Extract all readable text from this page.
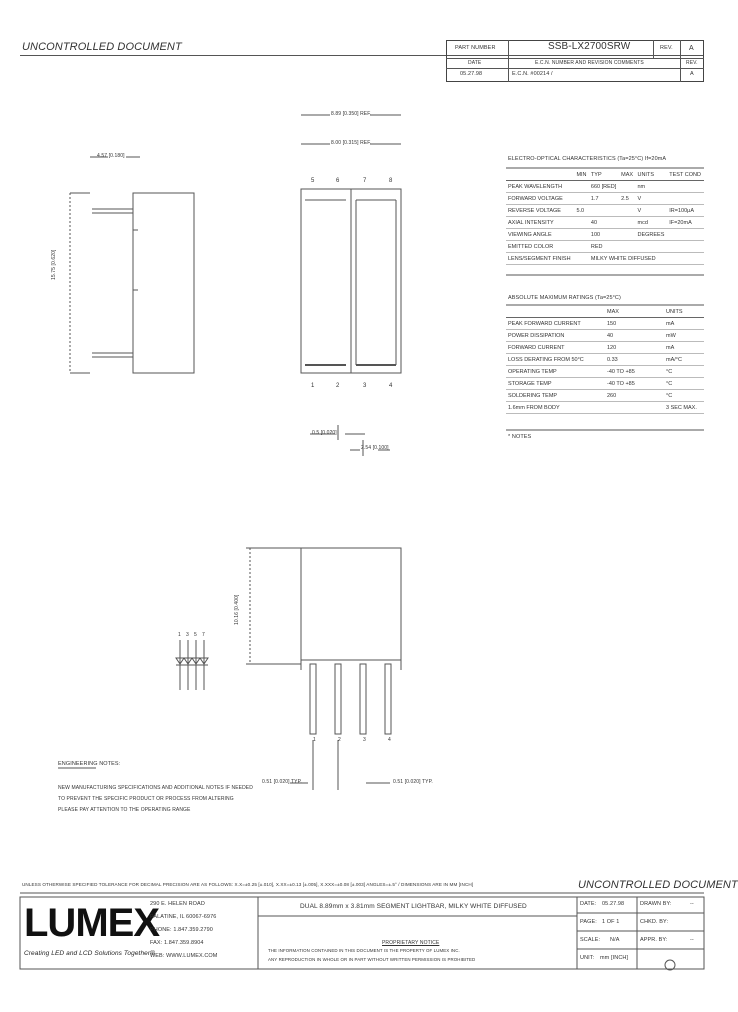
UNCONTROLLED DOCUMENT	PART NUMBER	SSB-LX2700SRW	REV. A
DATE	E.C.N. NUMBER AND REVISION COMMENTS	REV.
05.27.98	E.C.N. #00214 /	A
4.57 [0.180]
15.75 [0.620]
8.89 [0.350] REF.
8.00 [0.315] REF.
5	6	7	8
1	2	3	4
0.5 [0.020]
2.54 [0.100]
10.16 [0.400]
0.51 [0.020] TYP.	0.51 [0.020] TYP.
1	2	3	4
1 3 5 7
ELECTRO-OPTICAL CHARACTERISTICS (Ta=25°C) If=20mA
	MIN	TYP	MAX	UNITS	TEST COND
PEAK WAVELENGTH		660 [RED]		nm	
FORWARD VOLTAGE		1.7	2.5	V	
REVERSE VOLTAGE	5.0			V	IR=100μA
AXIAL INTENSITY		40		mcd	IF=20mA
VIEWING ANGLE		100		DEGREES	
EMITTED COLOR		RED			
LENS/SEGMENT FINISH		MILKY WHITE DIFFUSED			
ABSOLUTE MAXIMUM RATINGS (Ta=25°C)
	MAX	UNITS
PEAK FORWARD CURRENT	150	mA
POWER DISSIPATION	40	mW
FORWARD CURRENT	120	mA
LOSS DERATING FROM 50°C	0.33	mA/°C
OPERATING TEMP	-40 TO +85	°C
STORAGE TEMP	-40 TO +85	°C
SOLDERING TEMP	260	°C
1.6mm FROM BODY		3 SEC MAX.
* NOTES
ENGINEERING NOTES:
NEW MANUFACTURING SPECIFICATIONS AND ADDITIONAL NOTES IF NEEDED
TO PREVENT THE SPECIFIC PRODUCT OR PROCESS FROM ALTERING
PLEASE PAY ATTENTION TO THE OPERATING RANGE
UNLESS OTHERWISE SPECIFIED TOLERANCE FOR DECIMAL PRECISION ARE AS FOLLOWS: X.X=±0.25 [±.010], X.XX=±0.13 [±.005], X.XXX=±0.08 [±.003] ANGLES=±.5° / DIMENSIONS ARE IN MM [INCH]	UNCONTROLLED DOCUMENT
LUMEX
Creating LED and LCD Solutions Together®
290 E. HELEN ROAD
PALATINE, IL 60067-6976
PHONE: 1.847.359.2790
FAX: 1.847.359.8904
WEB: WWW.LUMEX.COM
DUAL 8.89mm x 3.81mm SEGMENT LIGHTBAR, MILKY WHITE DIFFUSED
PROPRIETARY NOTICE
THE INFORMATION CONTAINED IN THIS DOCUMENT IS THE PROPERTY OF LUMEX INC.
ANY REPRODUCTION IN WHOLE OR IN PART WITHOUT WRITTEN PERMISSION IS PROHIBITED
DATE: 05.27.98	DRAWN BY:	--
PAGE: 1 OF 1	CHKD. BY:
SCALE: N/A	APPR. BY:	--
UNIT: mm [INCH]
